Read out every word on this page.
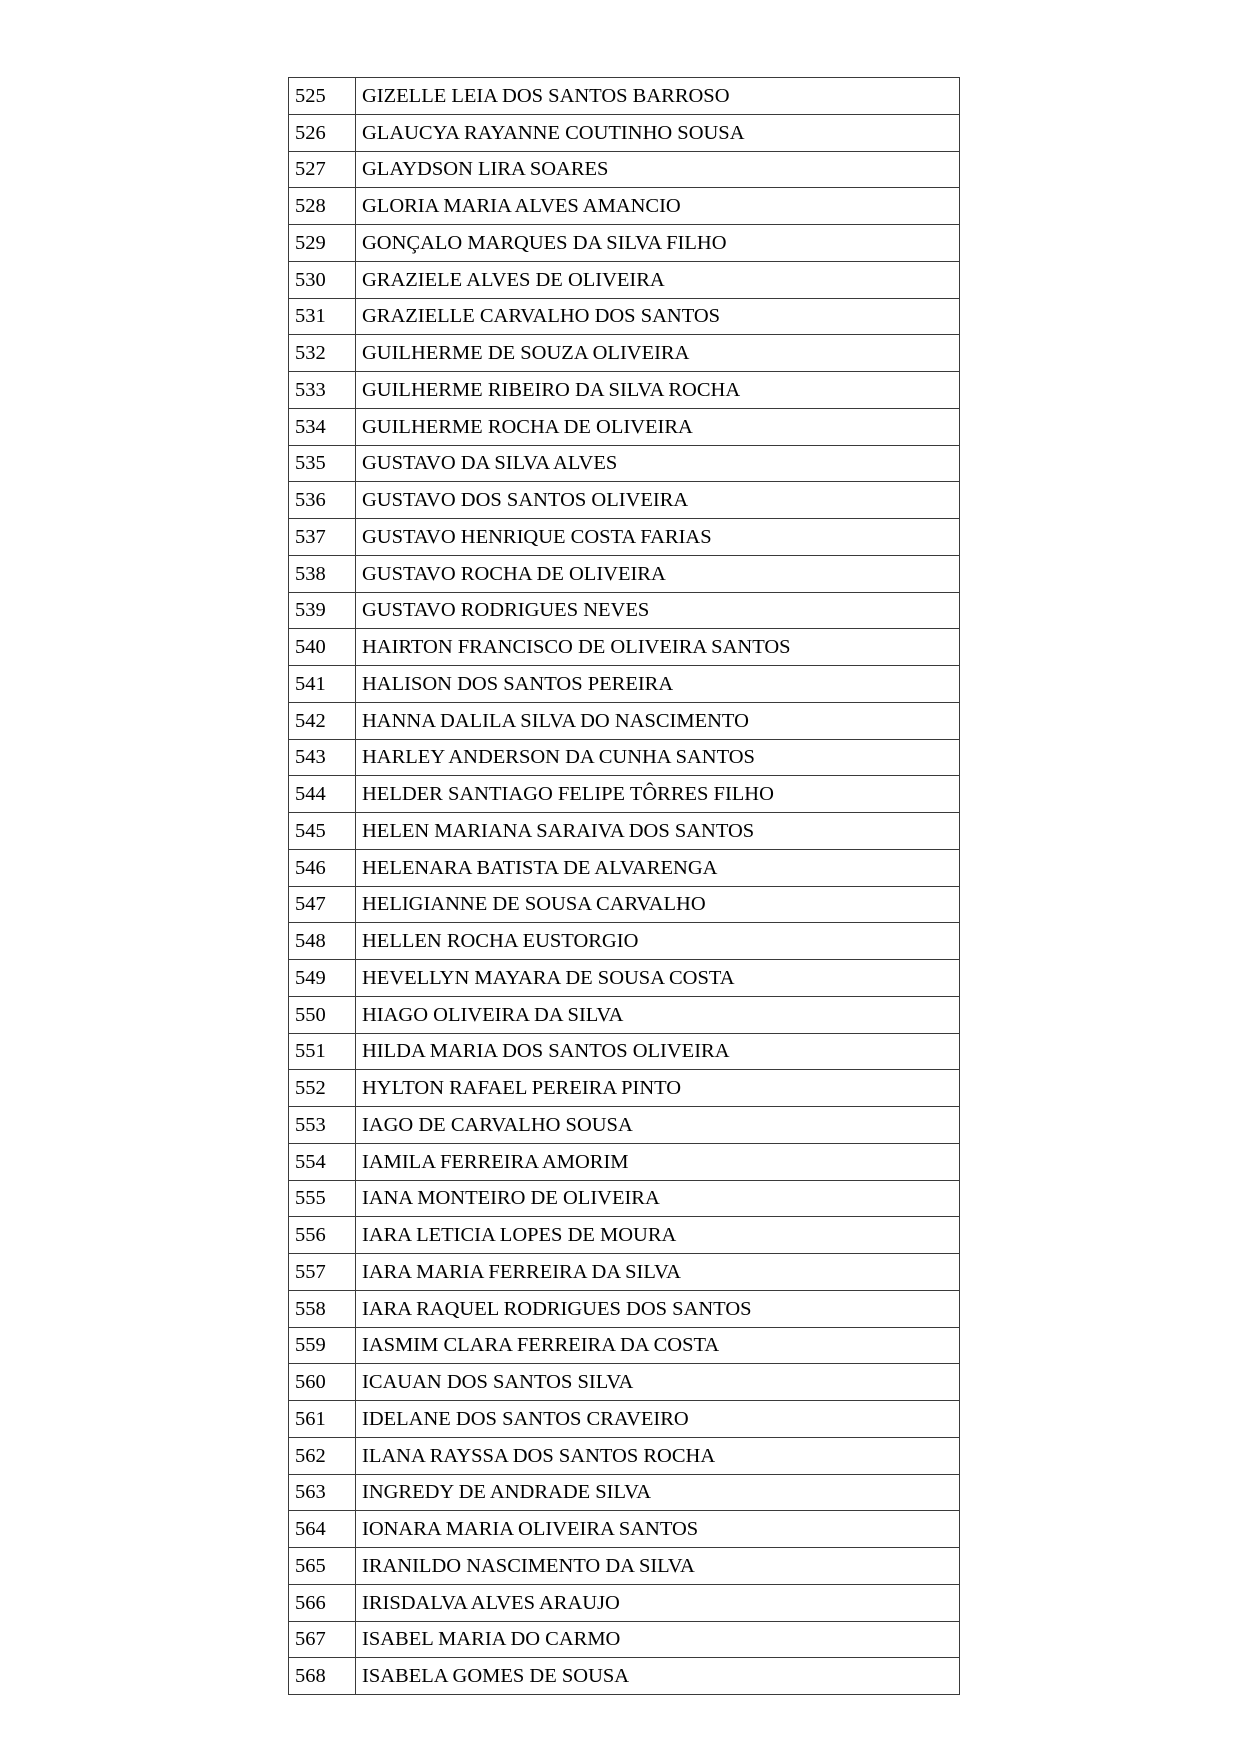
525	GIZELLE LEIA DOS SANTOS BARROSO
526	GLAUCYA RAYANNE COUTINHO SOUSA
527	GLAYDSON LIRA SOARES
528	GLORIA MARIA ALVES AMANCIO
529	GONÇALO MARQUES DA SILVA FILHO
530	GRAZIELE ALVES DE OLIVEIRA
531	GRAZIELLE CARVALHO DOS SANTOS
532	GUILHERME DE SOUZA OLIVEIRA
533	GUILHERME RIBEIRO DA SILVA ROCHA
534	GUILHERME ROCHA DE OLIVEIRA
535	GUSTAVO DA SILVA ALVES
536	GUSTAVO DOS SANTOS OLIVEIRA
537	GUSTAVO HENRIQUE COSTA FARIAS
538	GUSTAVO ROCHA DE OLIVEIRA
539	GUSTAVO RODRIGUES NEVES
540	HAIRTON FRANCISCO DE OLIVEIRA SANTOS
541	HALISON DOS SANTOS PEREIRA
542	HANNA DALILA SILVA DO NASCIMENTO
543	HARLEY ANDERSON DA CUNHA SANTOS
544	HELDER SANTIAGO FELIPE TÔRRES FILHO
545	HELEN MARIANA SARAIVA DOS SANTOS
546	HELENARA BATISTA DE ALVARENGA
547	HELIGIANNE DE SOUSA CARVALHO
548	HELLEN ROCHA EUSTORGIO
549	HEVELLYN MAYARA DE SOUSA COSTA
550	HIAGO OLIVEIRA DA SILVA
551	HILDA MARIA DOS SANTOS OLIVEIRA
552	HYLTON RAFAEL PEREIRA PINTO
553	IAGO DE CARVALHO SOUSA
554	IAMILA FERREIRA AMORIM
555	IANA MONTEIRO DE OLIVEIRA
556	IARA LETICIA LOPES DE MOURA
557	IARA MARIA FERREIRA DA SILVA
558	IARA RAQUEL RODRIGUES DOS SANTOS
559	IASMIM CLARA FERREIRA DA COSTA
560	ICAUAN DOS SANTOS SILVA
561	IDELANE DOS SANTOS CRAVEIRO
562	ILANA RAYSSA DOS SANTOS ROCHA
563	INGREDY DE ANDRADE SILVA
564	IONARA MARIA OLIVEIRA SANTOS
565	IRANILDO NASCIMENTO DA SILVA
566	IRISDALVA ALVES ARAUJO
567	ISABEL MARIA DO CARMO
568	ISABELA GOMES DE SOUSA
